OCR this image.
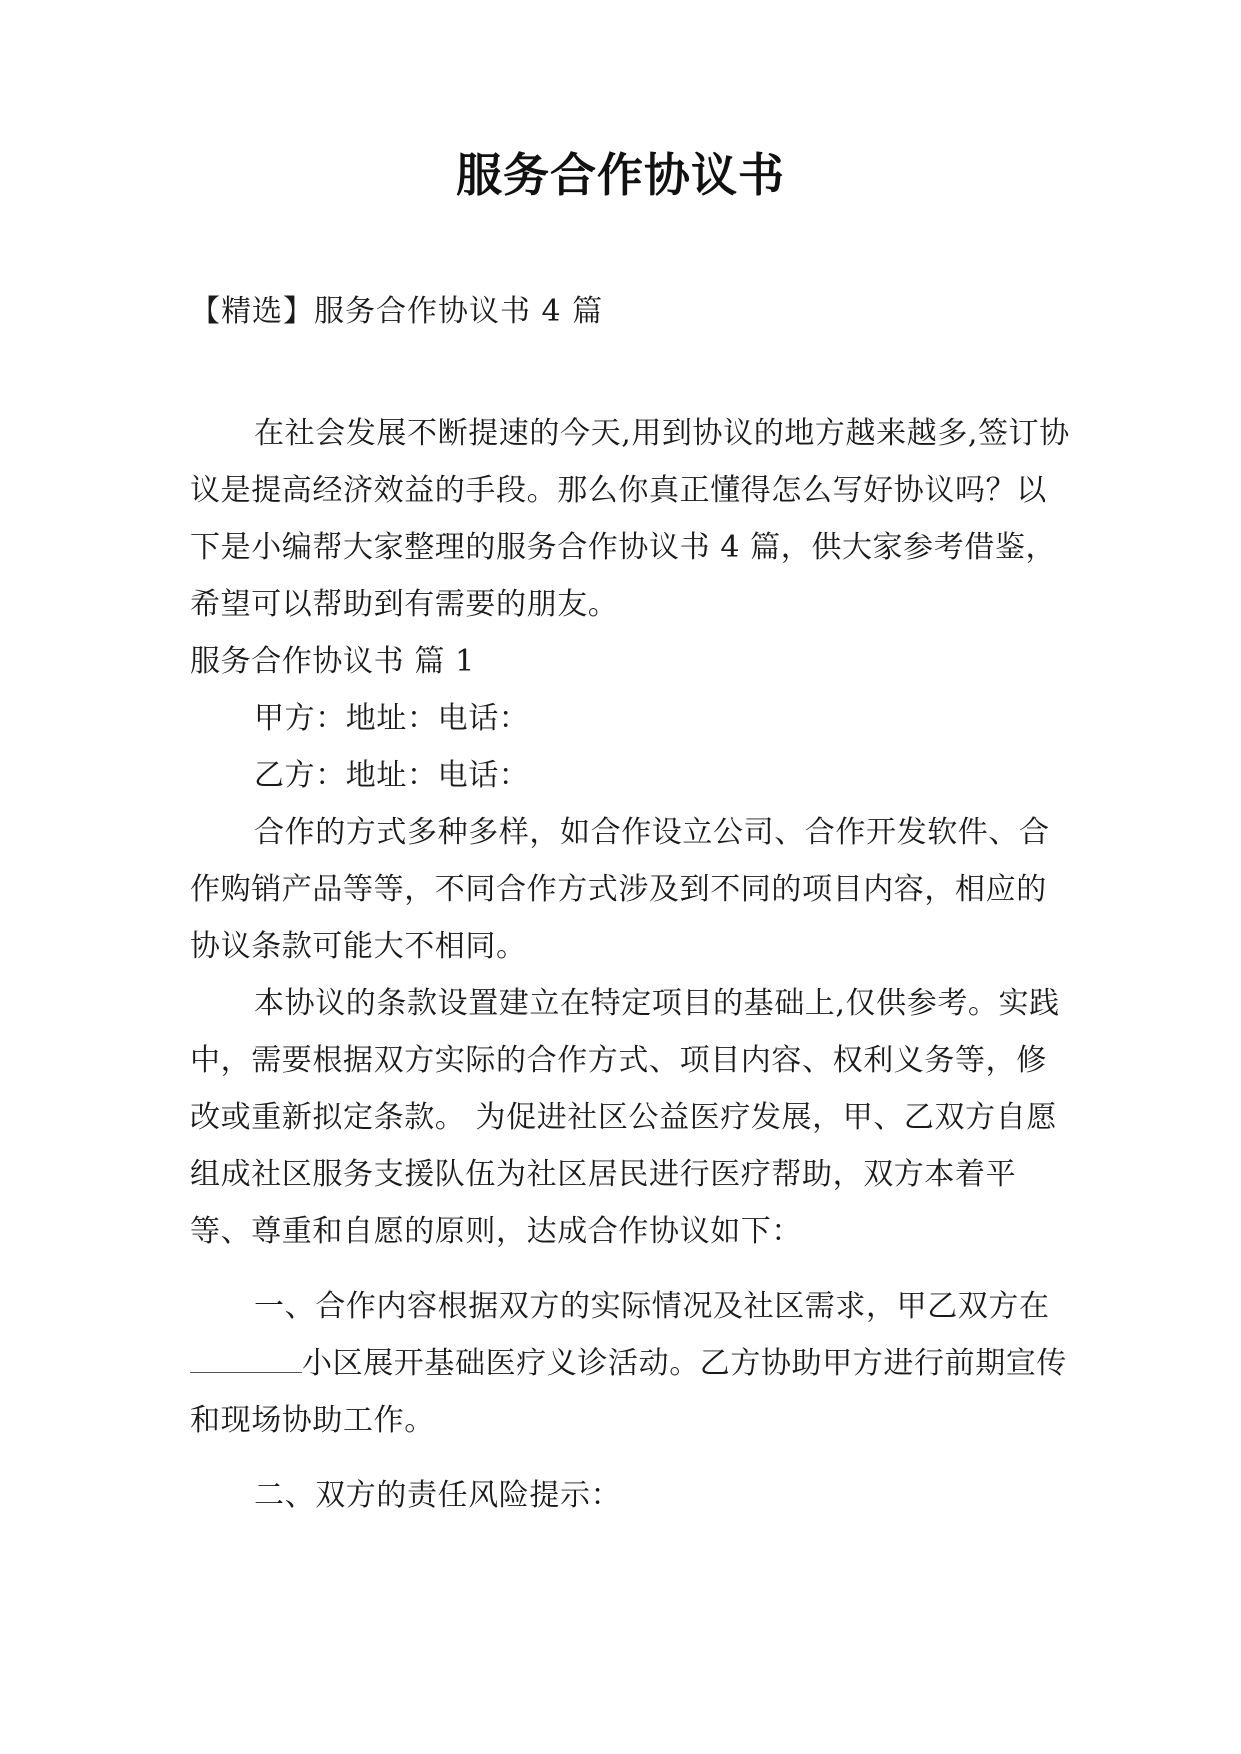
服务合作协议书
【精选】服务合作协议书 4 篇

在社会发展不断提速的今天,用到协议的地方越来越多,签订协议是提高经济效益的手段。那么你真正懂得怎么写好协议吗？以下是小编帮大家整理的服务合作协议书 4 篇，供大家参考借鉴，希望可以帮助到有需要的朋友。

服务合作协议书 篇 1

甲方：地址：电话：

乙方：地址：电话：

合作的方式多种多样，如合作设立公司、合作开发软件、合作购销产品等等，不同合作方式涉及到不同的项目内容，相应的协议条款可能大不相同。

本协议的条款设置建立在特定项目的基础上,仅供参考。实践中，需要根据双方实际的合作方式、项目内容、权利义务等，修改或重新拟定条款。 为促进社区公益医疗发展，甲、乙双方自愿组成社区服务支援队伍为社区居民进行医疗帮助，双方本着平等、尊重和自愿的原则，达成合作协议如下：

一、合作内容根据双方的实际情况及社区需求，甲乙双方在小区展开基础医疗义诊活动。乙方协助甲方进行前期宣传和现场协助工作。

二、双方的责任风险提示：
